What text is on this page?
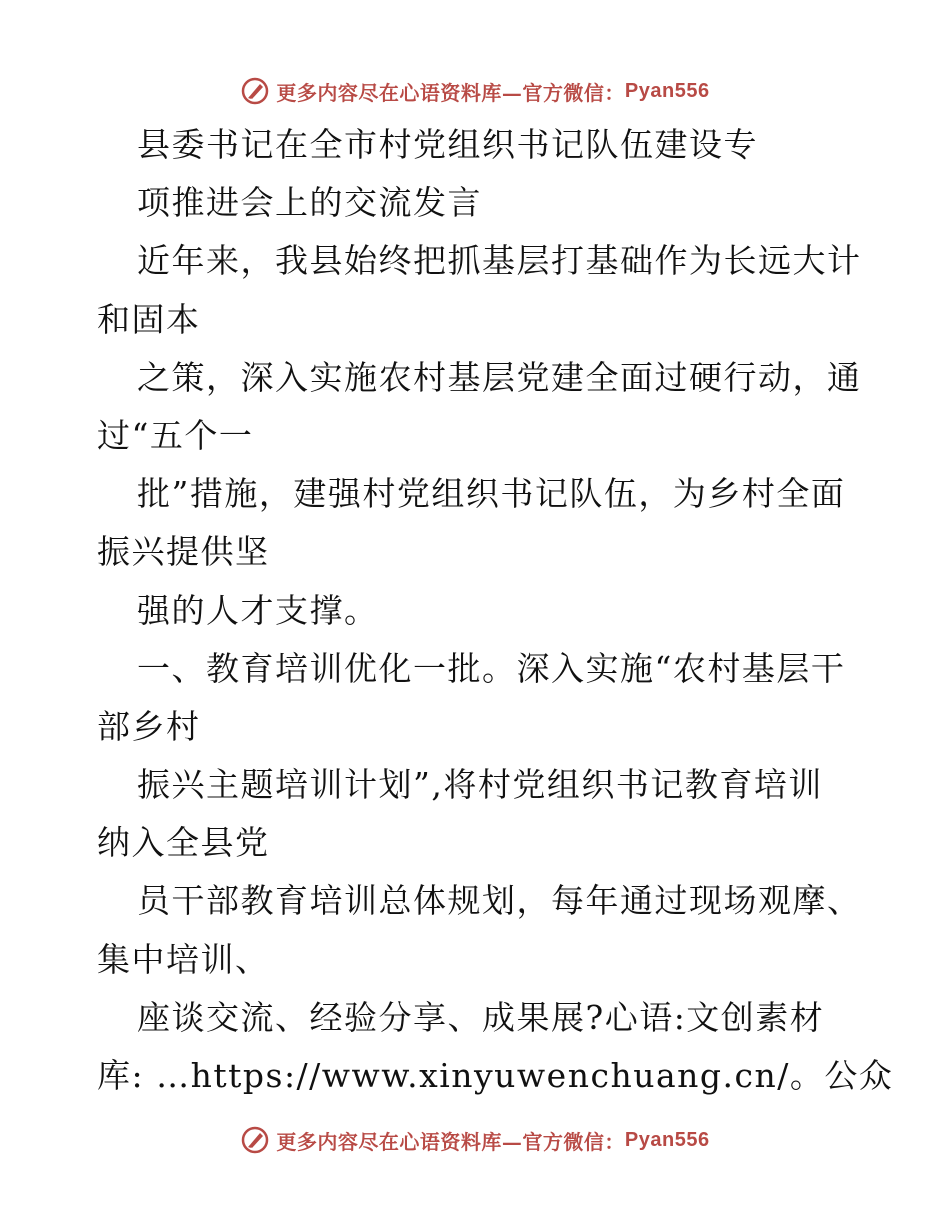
更多内容尽在心语资料库—官方微信： Pyan556
县委书记在全市村党组织书记队伍建设专
项推进会上的交流发言
近年来，我县始终把抓基层打基础作为长远大计
和固本
之策，深入实施农村基层党建全面过硬行动，通
过“五个一
批”措施，建强村党组织书记队伍，为乡村全面
振兴提供坚
强的人才支撑。
一、教育培训优化一批。深入实施“农村基层干
部乡村
振兴主题培训计划”,将村党组织书记教育培训
纳入全县党
员干部教育培训总体规划，每年通过现场观摩、
集中培训、
座谈交流、经验分享、成果展?心语:文创素材
库: …https://www.xinyuwenchuang.cn/。公众
更多内容尽在心语资料库—官方微信： Pyan556
